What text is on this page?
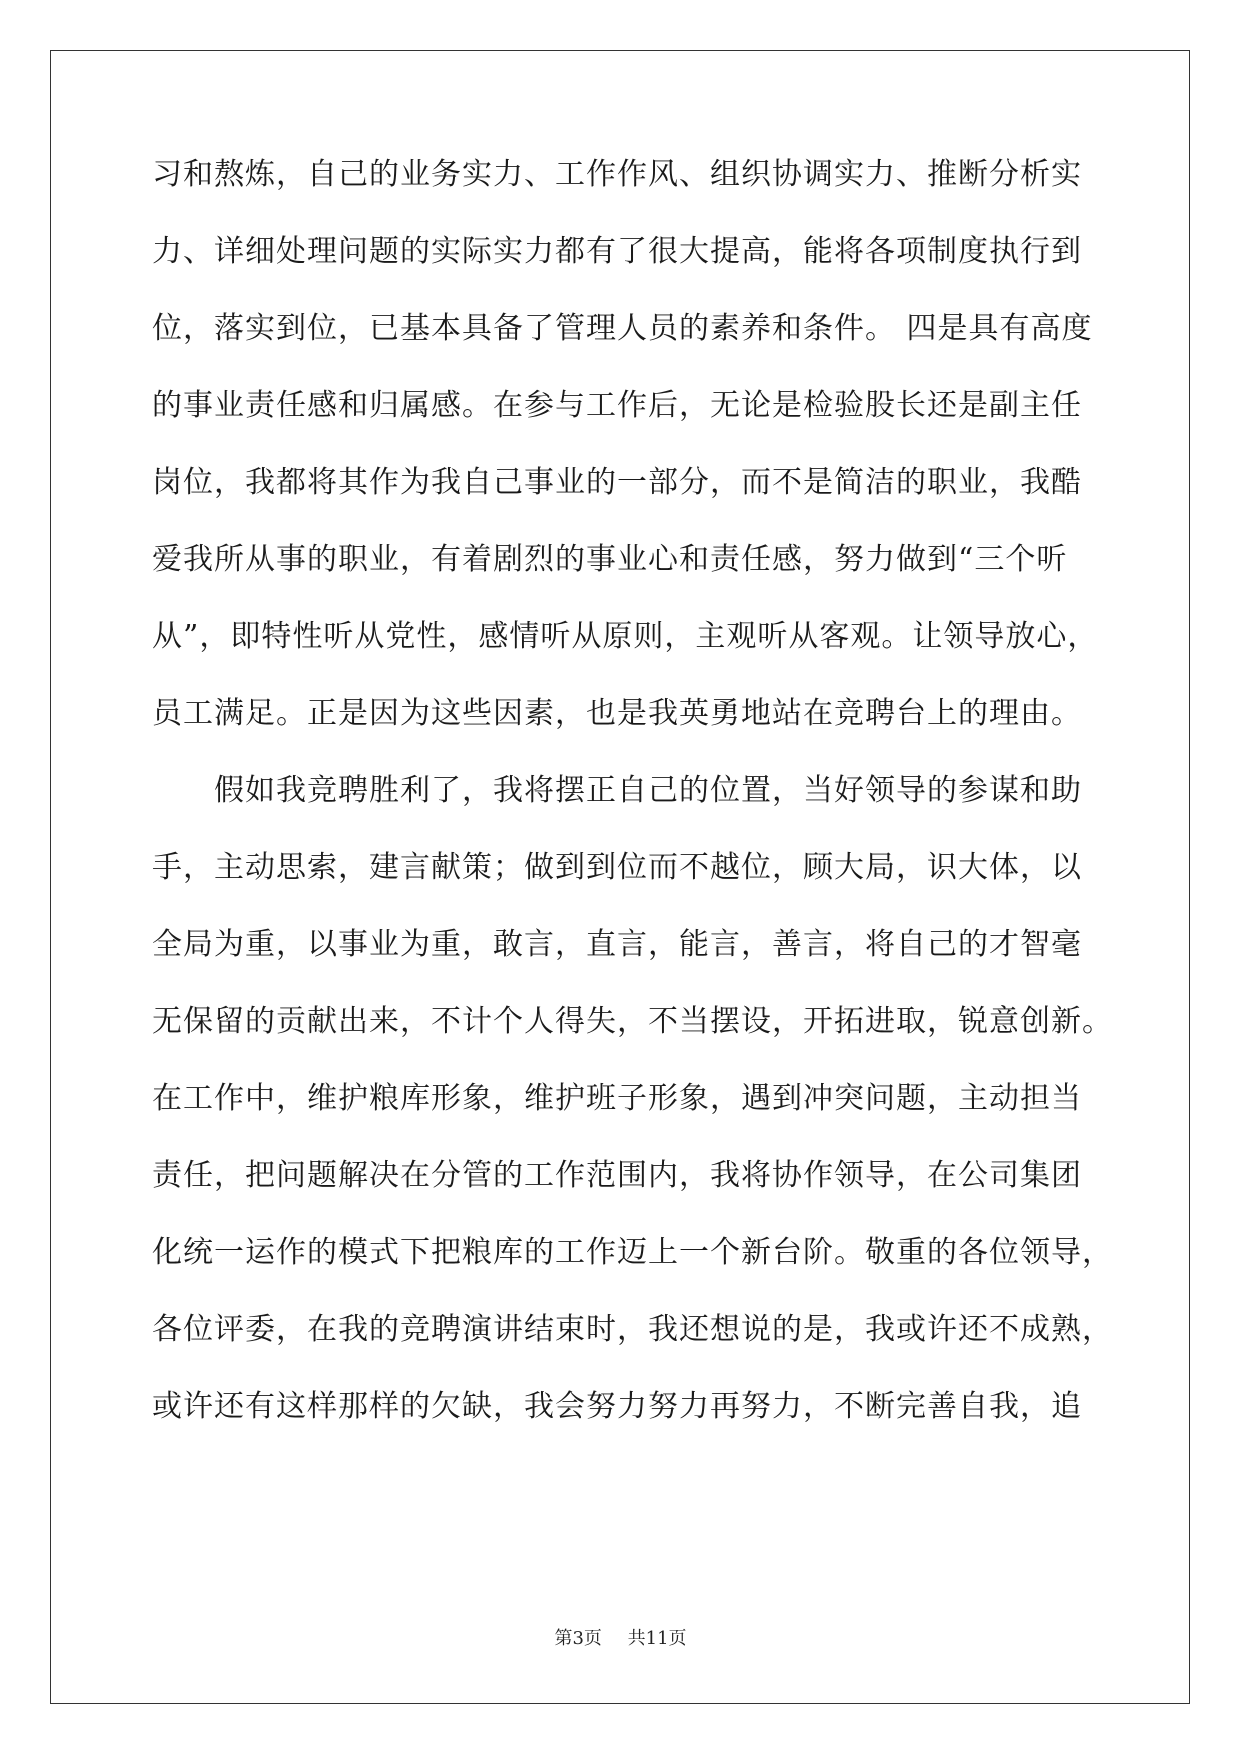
习和熬炼，自己的业务实力、工作作风、组织协调实力、推断分析实
力、详细处理问题的实际实力都有了很大提高，能将各项制度执行到
位，落实到位，已基本具备了管理人员的素养和条件。 四是具有高度
的事业责任感和归属感。在参与工作后，无论是检验股长还是副主任
岗位，我都将其作为我自己事业的一部分，而不是简洁的职业，我酷
爱我所从事的职业，有着剧烈的事业心和责任感，努力做到“三个听
从”，即特性听从党性，感情听从原则，主观听从客观。让领导放心，
员工满足。正是因为这些因素，也是我英勇地站在竞聘台上的理由。
　　假如我竞聘胜利了，我将摆正自己的位置，当好领导的参谋和助
手，主动思索，建言献策；做到到位而不越位，顾大局，识大体，以
全局为重，以事业为重，敢言，直言，能言，善言，将自己的才智毫
无保留的贡献出来，不计个人得失，不当摆设，开拓进取，锐意创新。
在工作中，维护粮库形象，维护班子形象，遇到冲突问题，主动担当
责任，把问题解决在分管的工作范围内，我将协作领导，在公司集团
化统一运作的模式下把粮库的工作迈上一个新台阶。敬重的各位领导，
各位评委，在我的竞聘演讲结束时，我还想说的是，我或许还不成熟，
或许还有这样那样的欠缺，我会努力努力再努力，不断完善自我，追
第3页 共11页
